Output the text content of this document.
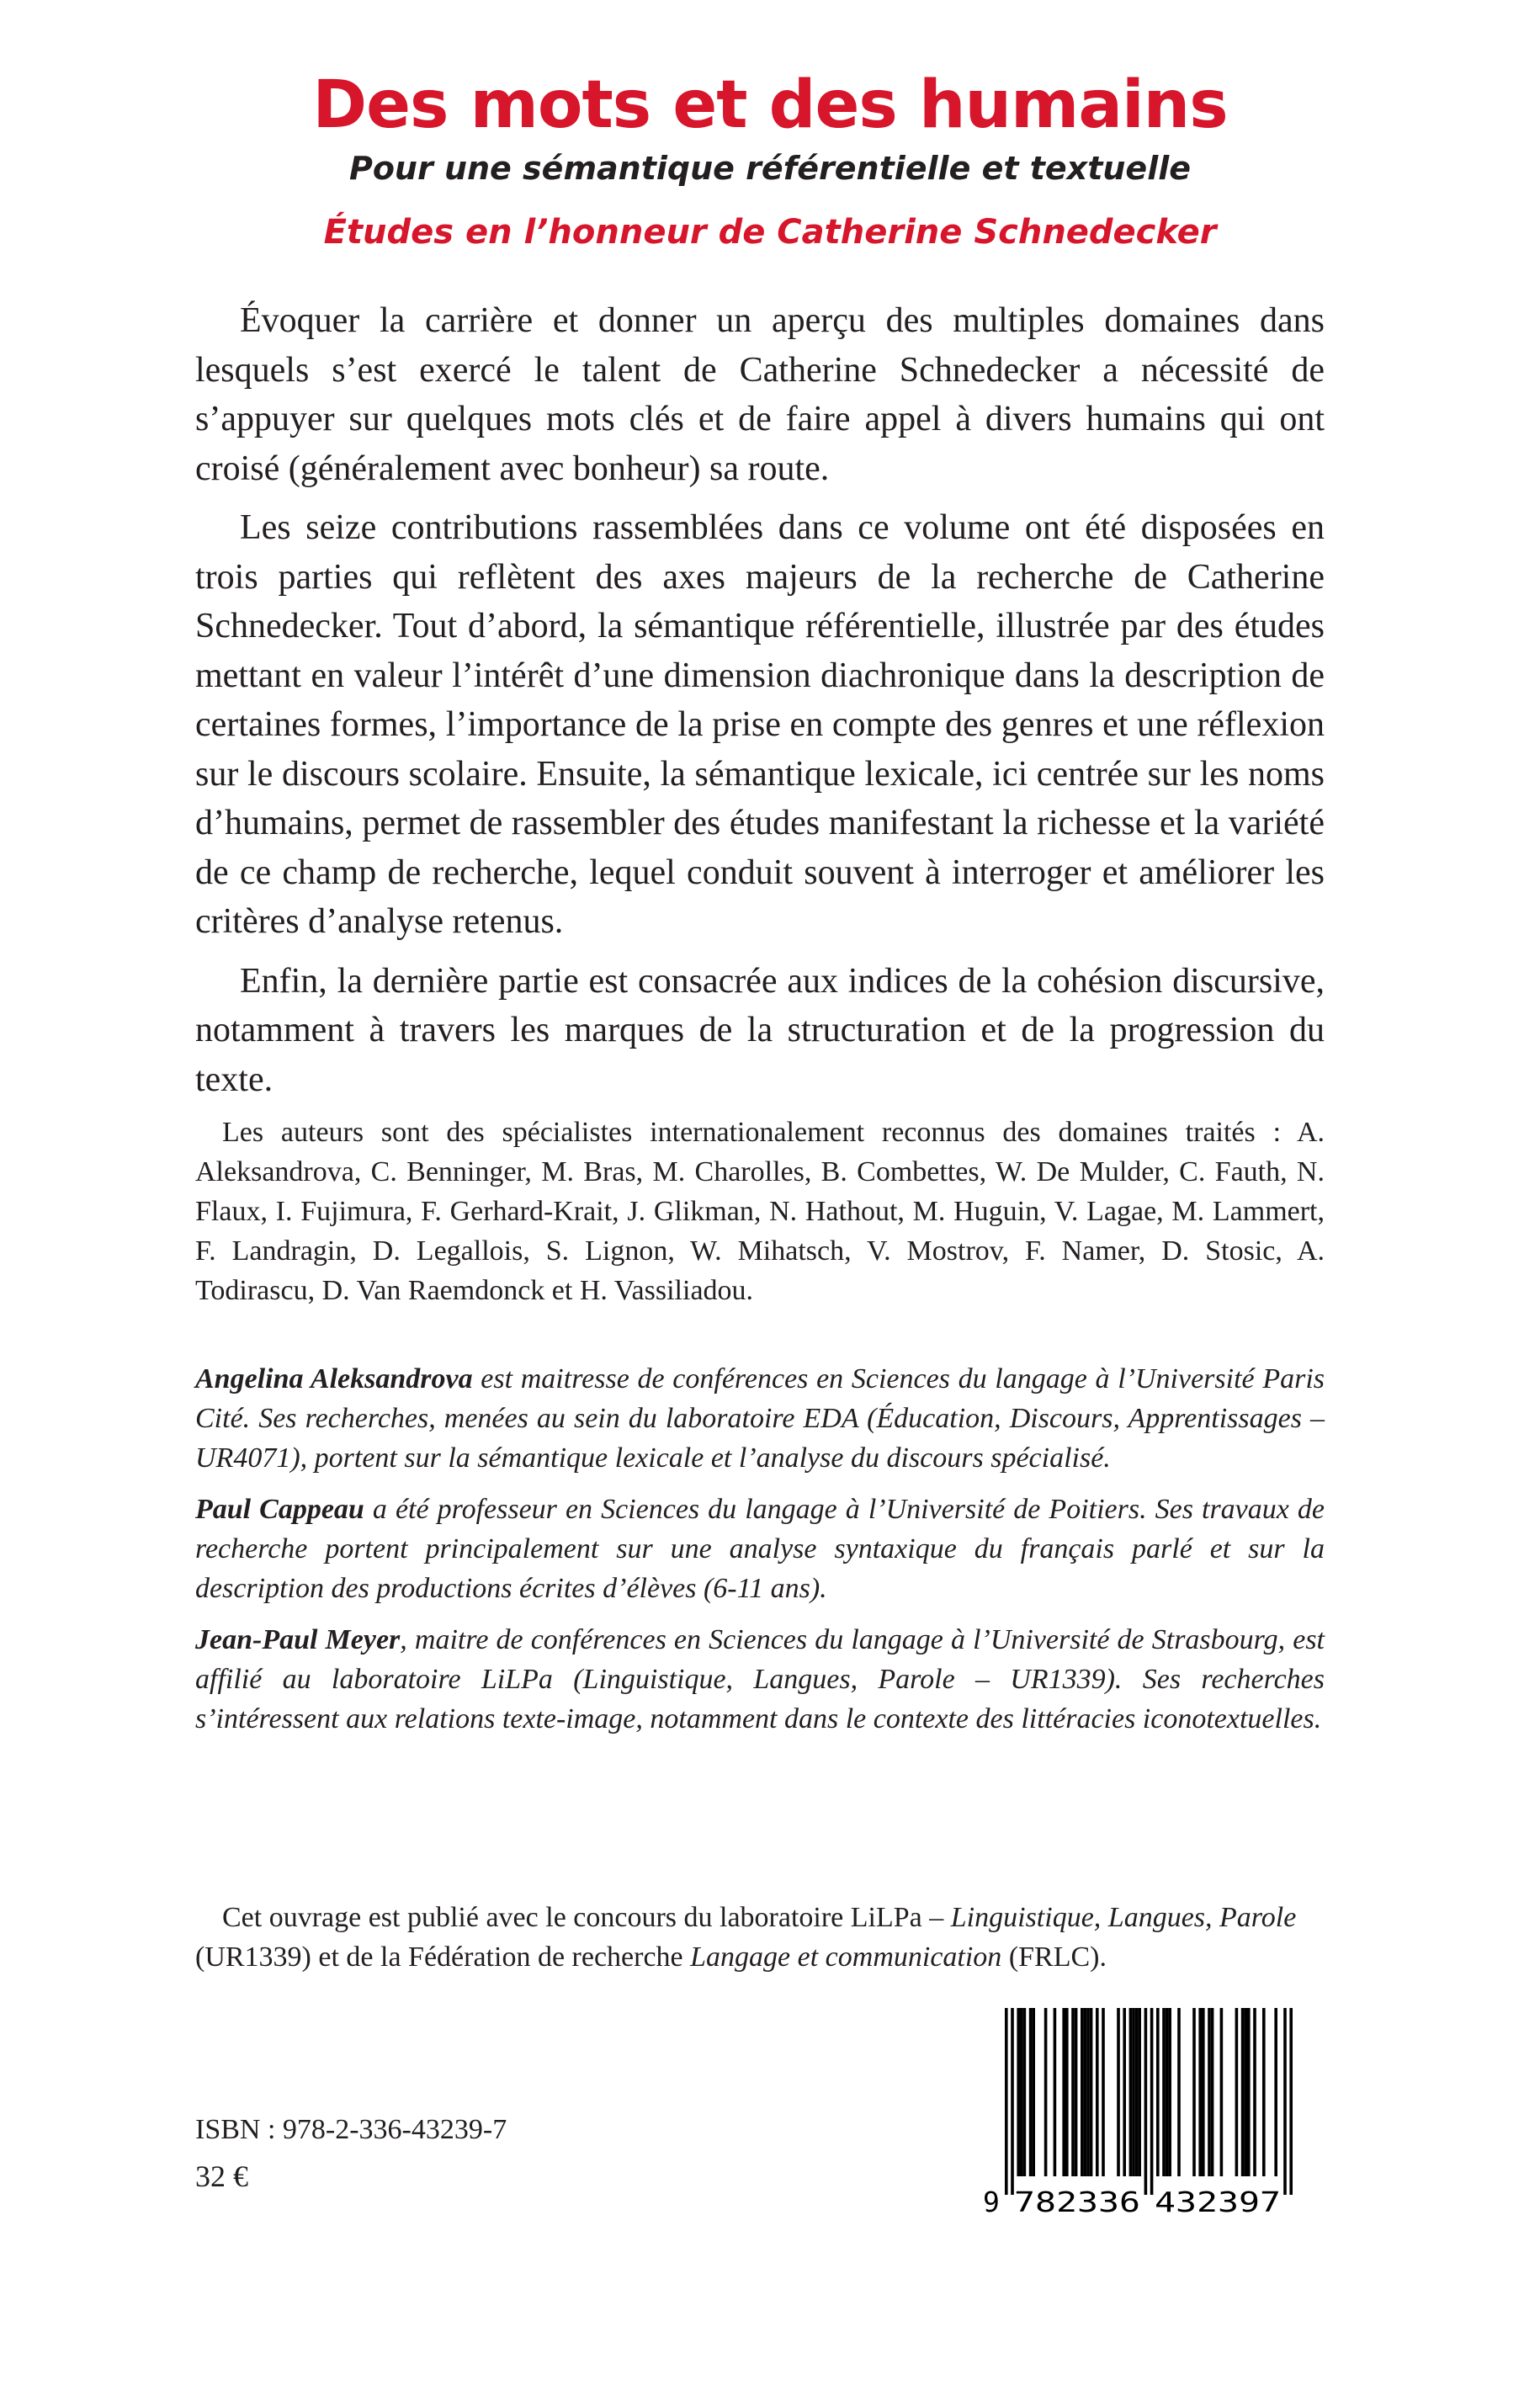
Des mots et des humains
Pour une sémantique référentielle et textuelle
Études en l’honneur de Catherine Schnedecker

Évoquer la carrière et donner un aperçu des multiples domaines dans lesquels s’est exercé le talent de Catherine Schnedecker a nécessité de s’appuyer sur quelques mots clés et de faire appel à divers humains qui ont croisé (généralement avec bonheur) sa route.

Les seize contributions rassemblées dans ce volume ont été disposées en trois parties qui reflètent des axes majeurs de la recherche de Catherine Schnedecker. Tout d’abord, la sémantique référentielle, illustrée par des études mettant en valeur l’intérêt d’une dimension diachronique dans la description de certaines formes, l’importance de la prise en compte des genres et une réflexion sur le discours scolaire. Ensuite, la sémantique lexicale, ici centrée sur les noms d’humains, permet de rassembler des études manifestant la richesse et la variété de ce champ de recherche, lequel conduit souvent à interroger et améliorer les critères d’analyse retenus.

Enfin, la dernière partie est consacrée aux indices de la cohésion discursive, notamment à travers les marques de la structuration et de la progression du texte.

Les auteurs sont des spécialistes internationalement reconnus des domaines traités : A. Aleksandrova, C. Benninger, M. Bras, M. Charolles, B. Combettes, W. De Mulder, C. Fauth, N. Flaux, I. Fujimura, F. Gerhard-Krait, J. Glikman, N. Hathout, M. Huguin, V. Lagae, M. Lammert, F. Landragin, D. Legallois, S. Lignon, W. Mihatsch, V. Mostrov, F. Namer, D. Stosic, A. Todirascu, D. Van Raemdonck et H. Vassiliadou.

Angelina Aleksandrova est maitresse de conférences en Sciences du langage à l’Université Paris Cité. Ses recherches, menées au sein du laboratoire EDA (Éducation, Discours, Apprentissages – UR4071), portent sur la sémantique lexicale et l’analyse du discours spécialisé.

Paul Cappeau a été professeur en Sciences du langage à l’Université de Poitiers. Ses travaux de recherche portent principalement sur une analyse syntaxique du français parlé et sur la description des productions écrites d’élèves (6-11 ans).

Jean-Paul Meyer, maitre de conférences en Sciences du langage à l’Université de Strasbourg, est affilié au laboratoire LiLPa (Linguistique, Langues, Parole – UR1339). Ses recherches s’intéressent aux relations texte-image, notamment dans le contexte des littéracies iconotextuelles.

Cet ouvrage est publié avec le concours du laboratoire LiLPa – Linguistique, Langues, Parole (UR1339) et de la Fédération de recherche Langage et communication (FRLC).

ISBN : 978-2-336-43239-7
32 €
9 782336 432397
